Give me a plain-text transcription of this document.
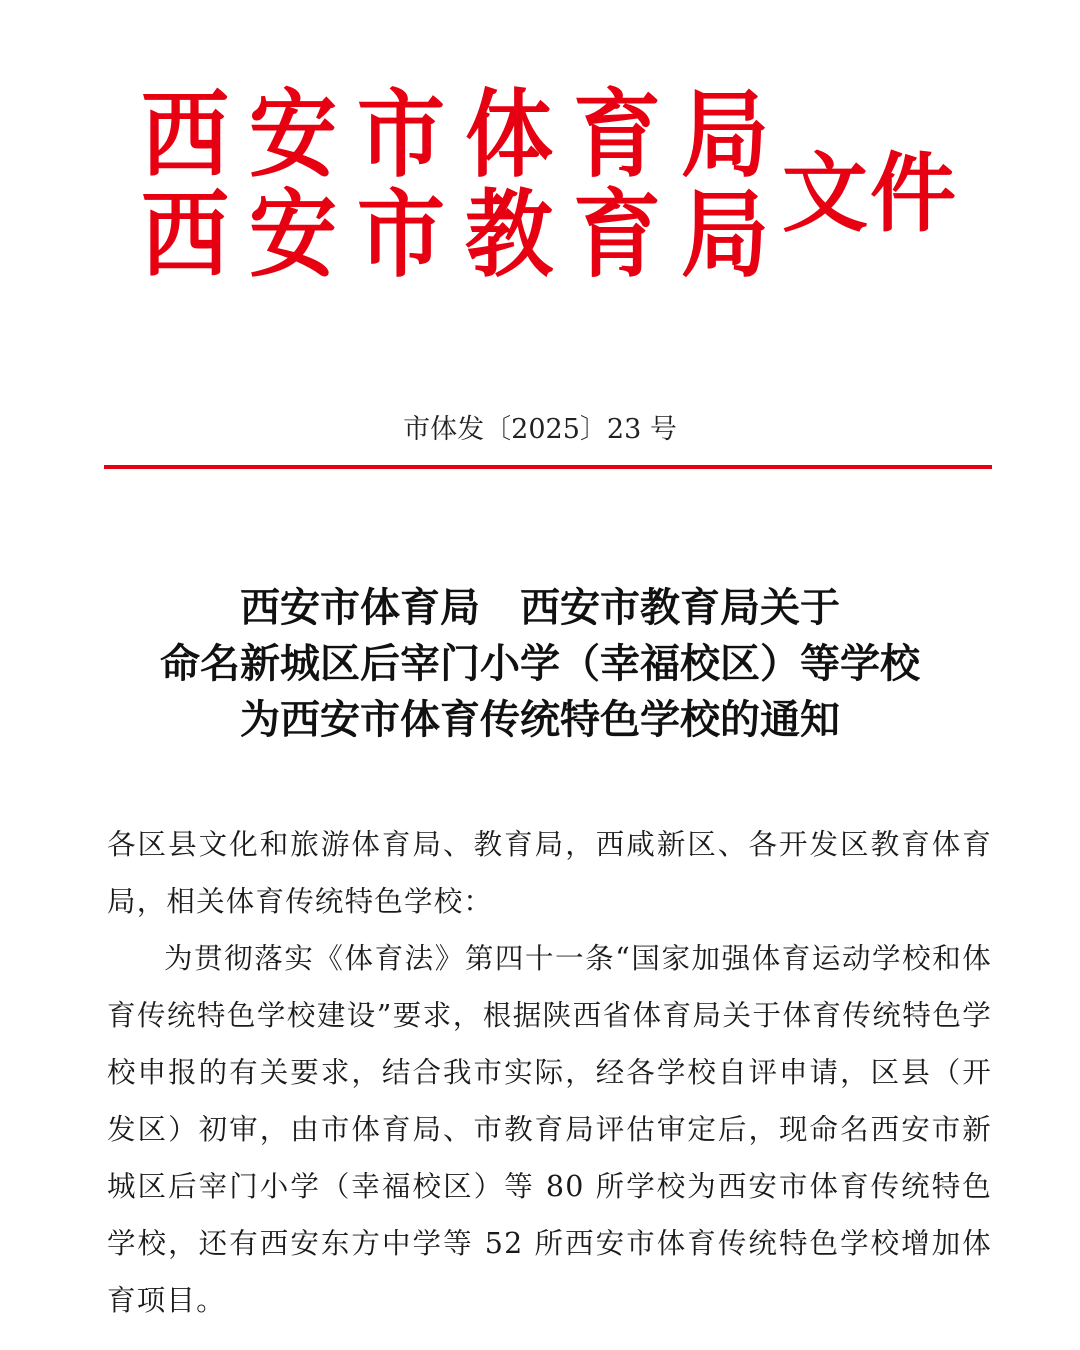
西 安 市 体 育 局
西 安 市 教 育 局 文件
市体发〔2025〕23 号
西安市体育局　西安市教育局关于
命名新城区后宰门小学（幸福校区）等学校
为西安市体育传统特色学校的通知

各区县文化和旅游体育局、教育局，西咸新区、各开发区教育体育局，相关体育传统特色学校：

为贯彻落实《体育法》第四十一条“国家加强体育运动学校和体育传统特色学校建设”要求，根据陕西省体育局关于体育传统特色学校申报的有关要求，结合我市实际，经各学校自评申请，区县（开发区）初审，由市体育局、市教育局评估审定后，现命名西安市新城区后宰门小学（幸福校区）等 80 所学校为西安市体育传统特色学校，还有西安东方中学等 52 所西安市体育传统特色学校增加体育项目。
